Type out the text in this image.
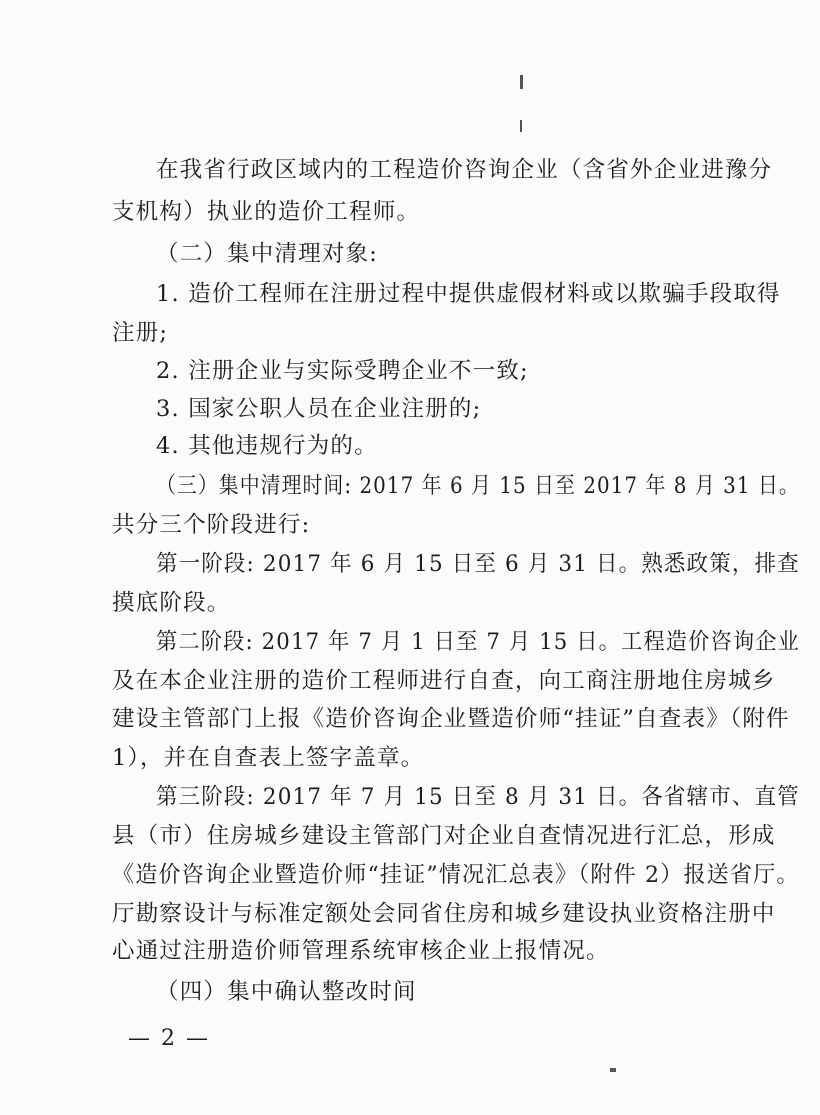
在我省行政区域内的工程造价咨询企业（含省外企业进豫分
支机构）执业的造价工程师。
（二）集中清理对象:
1. 造价工程师在注册过程中提供虚假材料或以欺骗手段取得
注册;
2. 注册企业与实际受聘企业不一致;
3. 国家公职人员在企业注册的;
4. 其他违规行为的。
（三）集中清理时间: 2017 年 6 月 15 日至 2017 年 8 月 31 日。
共分三个阶段进行:
第一阶段: 2017 年 6 月 15 日至 6 月 31 日。熟悉政策，排查
摸底阶段。
第二阶段: 2017 年 7 月 1 日至 7 月 15 日。工程造价咨询企业
及在本企业注册的造价工程师进行自查，向工商注册地住房城乡
建设主管部门上报《造价咨询企业暨造价师“挂证”自查表》（附件
1），并在自查表上签字盖章。
第三阶段: 2017 年 7 月 15 日至 8 月 31 日。各省辖市、直管
县（市）住房城乡建设主管部门对企业自查情况进行汇总，形成
《造价咨询企业暨造价师“挂证”情况汇总表》（附件 2）报送省厅。
厅勘察设计与标准定额处会同省住房和城乡建设执业资格注册中
心通过注册造价师管理系统审核企业上报情况。
（四）集中确认整改时间
— 2 —
